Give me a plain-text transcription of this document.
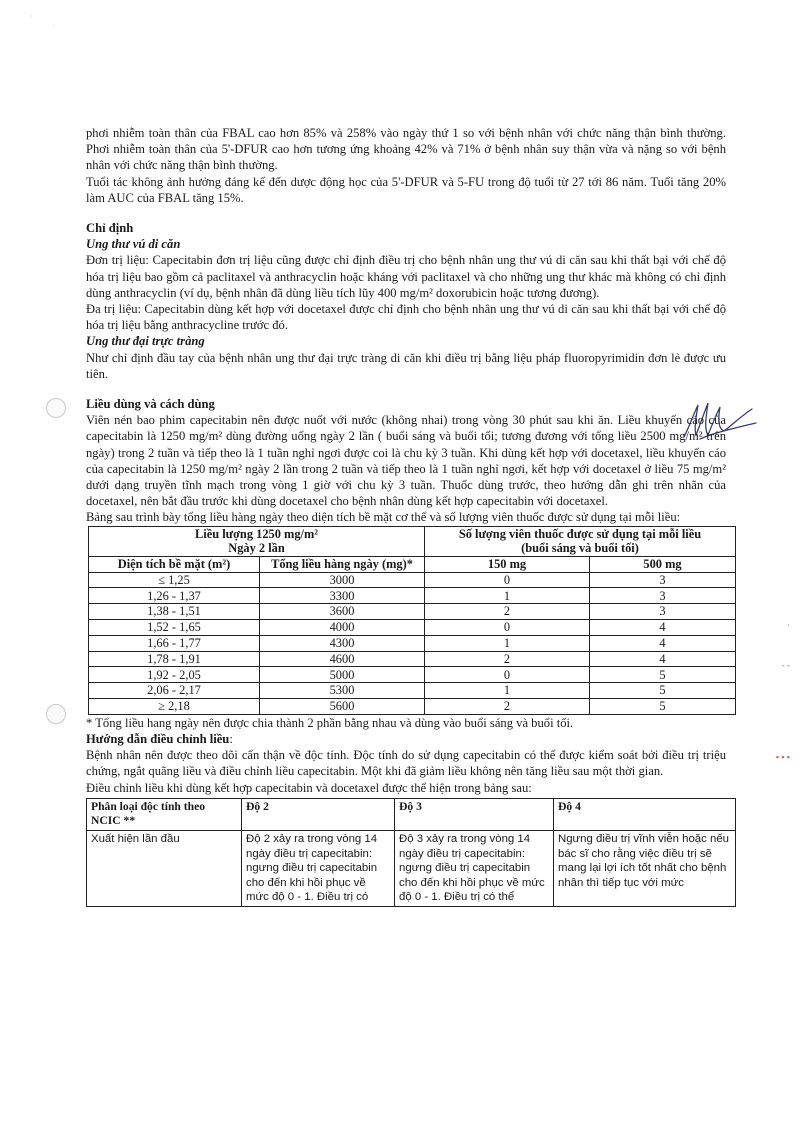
·
- -
▪ ▪ ▪
·
·

phơi nhiễm toàn thân của FBAL cao hơn 85% và 258% vào ngày thứ 1 so với bệnh nhân với chức năng thận bình thường. Phơi nhiễm toàn thân của 5'-DFUR cao hơn tương ứng khoảng 42% và 71% ở bệnh nhân suy thận vừa và nặng so với bệnh nhân với chức năng thận bình thường.

Tuổi tác không ảnh hưởng đáng kể đến dược động học của 5'-DFUR và 5-FU trong độ tuổi từ 27 tới 86 năm. Tuổi tăng 20% làm AUC của FBAL tăng 15%.

Chỉ định

Ung thư vú di căn

Đơn trị liệu: Capecitabin đơn trị liệu cũng được chỉ định điều trị cho bệnh nhân ung thư vú di căn sau khi thất bại với chế độ hóa trị liệu bao gồm cả paclitaxel và anthracyclin hoặc kháng với paclitaxel và cho những ung thư khác mà không có chỉ định dùng anthracyclin (ví dụ, bệnh nhân đã dùng liều tích lũy 400 mg/m² doxorubicin hoặc tương đương).

Đa trị liệu: Capecitabin dùng kết hợp với docetaxel được chỉ định cho bệnh nhân ung thư vú di căn sau khi thất bại với chế độ hóa trị liệu bằng anthracycline trước đó.

Ung thư đại trực tràng

Như chỉ định đầu tay của bệnh nhân ung thư đại trực tràng di căn khi điều trị bằng liệu pháp fluoropyrimidin đơn lẻ được ưu tiên.

Liều dùng và cách dùng

Viên nén bao phim capecitabin nên được nuốt với nước (không nhai) trong vòng 30 phút sau khi ăn. Liều khuyến cáo của capecitabin là 1250 mg/m² dùng đường uống ngày 2 lần ( buổi sáng và buổi tối; tương đương với tổng liều 2500 mg/m² trên ngày) trong 2 tuần và tiếp theo là 1 tuần nghỉ ngơi được coi là chu kỳ 3 tuần. Khi dùng kết hợp với docetaxel, liều khuyến cáo của capecitabin là 1250 mg/m² ngày 2 lần trong 2 tuần và tiếp theo là 1 tuần nghỉ ngơi, kết hợp với docetaxel ở liều 75 mg/m² dưới dạng truyền tĩnh mạch trong vòng 1 giờ với chu kỳ 3 tuần. Thuốc dùng trước, theo hướng dẫn ghi trên nhãn của docetaxel, nên bắt đầu trước khi dùng docetaxel cho bệnh nhân dùng kết hợp capecitabin với docetaxel.

Bảng sau trình bày tổng liều hàng ngày theo diện tích bề mặt cơ thể và số lượng viên thuốc được sử dụng tại mỗi liều:

Liều lượng 1250 mg/m²
Ngày 2 lần		Số lượng viên thuốc được sử dụng tại mỗi liều
(buổi sáng và buổi tối)	
Diện tích bề mặt (m²)	Tổng liều hàng ngày (mg)*	150 mg	500 mg
≤ 1,25	3000	0	3
1,26 - 1,37	3300	1	3
1,38 - 1,51	3600	2	3
1,52 - 1,65	4000	0	4
1,66 - 1,77	4300	1	4
1,78 - 1,91	4600	2	4
1,92 - 2,05	5000	0	5
2,06 - 2,17	5300	1	5
≥ 2,18	5600	2	5

* Tổng liều hang ngày nên được chia thành 2 phần bằng nhau và dùng vào buổi sáng và buổi tối.

Hướng dẫn điều chỉnh liều:

Bệnh nhân nên được theo dõi cẩn thận về độc tính. Độc tính do sử dụng capecitabin có thể được kiểm soát bởi điều trị triệu chứng, ngắt quãng liều và điều chỉnh liều capecitabin. Một khi đã giảm liều không nên tăng liều sau một thời gian.

Điều chỉnh liều khi dùng kết hợp capecitabin và docetaxel được thể hiện trong bảng sau:

Phân loại độc tính theo NCIC **	Độ 2	Độ 3	Độ 4
Xuất hiện lần đầu	Độ 2 xảy ra trong vòng 14 ngày điều trị capecitabin: ngưng điều trị capecitabin cho đến khi hồi phục về mức độ 0 - 1. Điều trị có	Độ 3 xảy ra trong vòng 14 ngày điều trị capecitabin: ngưng điều trị capecitabin cho đến khi hồi phục về mức độ 0 - 1. Điều trị có thể	Ngưng điều trị vĩnh viễn hoặc nếu bác sĩ cho rằng việc điều trị sẽ mang lại lợi ích tốt nhất cho bệnh nhân thì tiếp tục với mức
